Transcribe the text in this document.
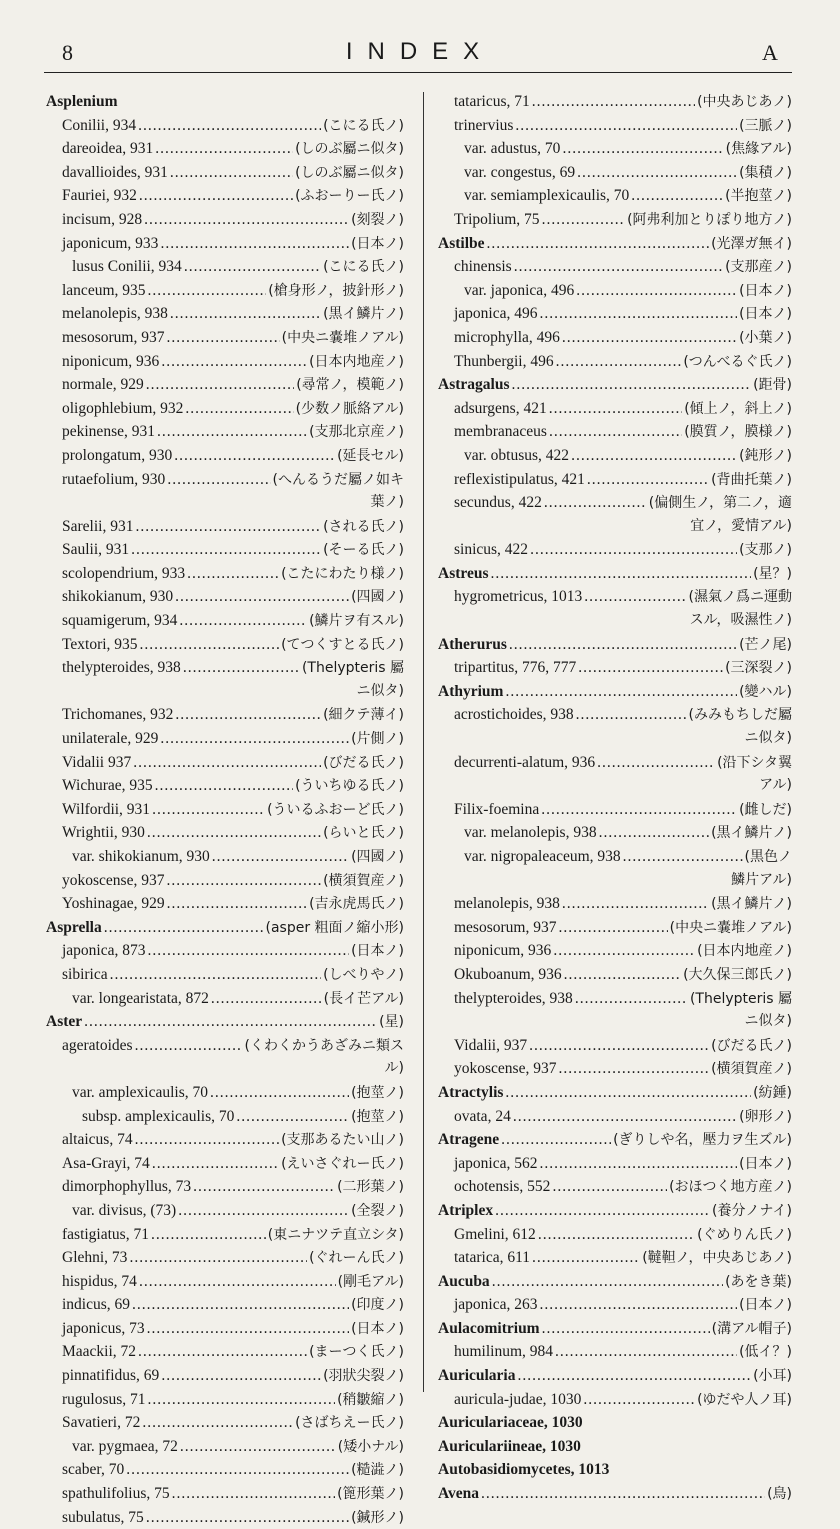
8	INDEX	A
Asplenium
Conilii, 934 .....	(こにる氏ノ)
dareoidea, 931 .....	(しのぶ屬ニ似タ)
davallioides, 931 .....	(しのぶ屬ニ似タ)
Fauriei, 932 .....	(ふおーりー氏ノ)
incisum, 928 .....	(刻裂ノ)
japonicum, 933 .....	(日本ノ)
lusus Conilii, 934 .....	(こにる氏ノ)
lanceum, 935 .....	(槍身形ノ，披針形ノ)
melanolepis, 938 .....	(黒イ鱗片ノ)
mesosorum, 937 .....	(中央ニ嚢堆ノアル)
niponicum, 936 .....	(日本内地産ノ)
normale, 929 .....	(尋常ノ，模範ノ)
oligophlebium, 932 .....	(少数ノ脈絡アル)
pekinense, 931 .....	(支那北京産ノ)
prolongatum, 930 .....	(延長セル)
rutaefolium, 930 .....	(へんるうだ屬ノ如キ
葉ノ)
Sarelii, 931 .....	(される氏ノ)
Saulii, 931 .....	(そーる氏ノ)
scolopendrium, 933 .....	(こたにわたり様ノ)
shikokianum, 930 .....	(四國ノ)
squamigerum, 934 .....	(鱗片ヲ有スル)
Textori, 935 .....	(てつくすとる氏ノ)
thelypteroides, 938 .....	(Thelypteris 屬
ニ似タ)
Trichomanes, 932 .....	(細クテ薄イ)
unilaterale, 929 .....	(片側ノ)
Vidalii 937 .....	(びだる氏ノ)
Wichurae, 935 .....	(ういちゆる氏ノ)
Wilfordii, 931 .....	(ういるふおーど氏ノ)
Wrightii, 930 .....	(らいと氏ノ)
var. shikokianum, 930 .....	(四國ノ)
yokoscense, 937 .....	(横須賀産ノ)
Yoshinagae, 929 .....	(吉永虎馬氏ノ)
Asprella .....	(asper 粗面ノ縮小形)
japonica, 873 .....	(日本ノ)
sibirica .....	(しべりやノ)
var. longearistata, 872 .....	(長イ芒アル)
Aster .....	(星)
ageratoides .....	(くわくかうあざみニ類ス
ル)
var. amplexicaulis, 70 .....	(抱莖ノ)
subsp. amplexicaulis, 70 .....	(抱莖ノ)
altaicus, 74 .....	(支那あるたい山ノ)
Asa-Grayi, 74 .....	(えいさぐれー氏ノ)
dimorphophyllus, 73 .....	(二形葉ノ)
var. divisus, (73) .....	(全裂ノ)
fastigiatus, 71 .....	(東ニナツテ直立シタ)
Glehni, 73 .....	(ぐれーん氏ノ)
hispidus, 74 .....	(剛毛アル)
indicus, 69 .....	(印度ノ)
japonicus, 73 .....	(日本ノ)
Maackii, 72 .....	(まーつく氏ノ)
pinnatifidus, 69 .....	(羽狀尖裂ノ)
rugulosus, 71 .....	(稍皺縮ノ)
Savatieri, 72 .....	(さばちえー氏ノ)
var. pygmaea, 72 .....	(矮小ナル)
scaber, 70 .....	(糙澁ノ)
spathulifolius, 75 .....	(篦形葉ノ)
subulatus, 75 .....	(鍼形ノ)
tataricus, 71 .....	(中央あじあノ)
trinervius .....	(三脈ノ)
var. adustus, 70 .....	(焦緣アル)
var. congestus, 69 .....	(集積ノ)
var. semiamplexicaulis, 70 .....	(半抱莖ノ)
Tripolium, 75 .....	(阿弗利加とりぽり地方ノ)
Astilbe .....	(光澤ガ無イ)
chinensis .....	(支那産ノ)
var. japonica, 496 .....	(日本ノ)
japonica, 496 .....	(日本ノ)
microphylla, 496 .....	(小葉ノ)
Thunbergii, 496 .....	(つんべるぐ氏ノ)
Astragalus .....	(距骨)
adsurgens, 421 .....	(傾上ノ，斜上ノ)
membranaceus .....	(膜質ノ，膜様ノ)
var. obtusus, 422 .....	(鈍形ノ)
reflexistipulatus, 421 .....	(背曲托葉ノ)
secundus, 422 .....	(偏側生ノ，第二ノ，適
宜ノ，愛情アル)
sinicus, 422 .....	(支那ノ)
Astreus .....	(星？)
hygrometricus, 1013 .....	(濕氣ノ爲ニ運動
スル，吸濕性ノ)
Atherurus .....	(芒ノ尾)
tripartitus, 776, 777 .....	(三深裂ノ)
Athyrium .....	(變ハル)
acrostichoides, 938 .....	(みみもちしだ屬
ニ似タ)
decurrenti-alatum, 936 .....	(沿下シタ翼
アル)
Filix-foemina .....	(雌しだ)
var. melanolepis, 938 .....	(黒イ鱗片ノ)
var. nigropaleaceum, 938 .....	(黒色ノ
鱗片アル)
melanolepis, 938 .....	(黒イ鱗片ノ)
mesosorum, 937 .....	(中央ニ嚢堆ノアル)
niponicum, 936 .....	(日本内地産ノ)
Okuboanum, 936 .....	(大久保三郎氏ノ)
thelypteroides, 938 .....	(Thelypteris 屬
ニ似タ)
Vidalii, 937 .....	(びだる氏ノ)
yokoscense, 937 .....	(横須賀産ノ)
Atractylis .....	(紡錘)
ovata, 24 .....	(卵形ノ)
Atragene .....	(ぎりしや名，壓力ヲ生ズル)
japonica, 562 .....	(日本ノ)
ochotensis, 552 .....	(おほつく地方産ノ)
Atriplex .....	(養分ノナイ)
Gmelini, 612 .....	(ぐめりん氏ノ)
tatarica, 611 .....	(韃靼ノ，中央あじあノ)
Aucuba .....	(あをき葉)
japonica, 263 .....	(日本ノ)
Aulacomitrium .....	(溝アル帽子)
humilinum, 984 .....	(低イ？)
Auricularia .....	(小耳)
auricula-judae, 1030 .....	(ゆだや人ノ耳)
Auriculariaceae, 1030
Auriculariineae, 1030
Autobasidiomycetes, 1013
Avena .....	(鳥)
